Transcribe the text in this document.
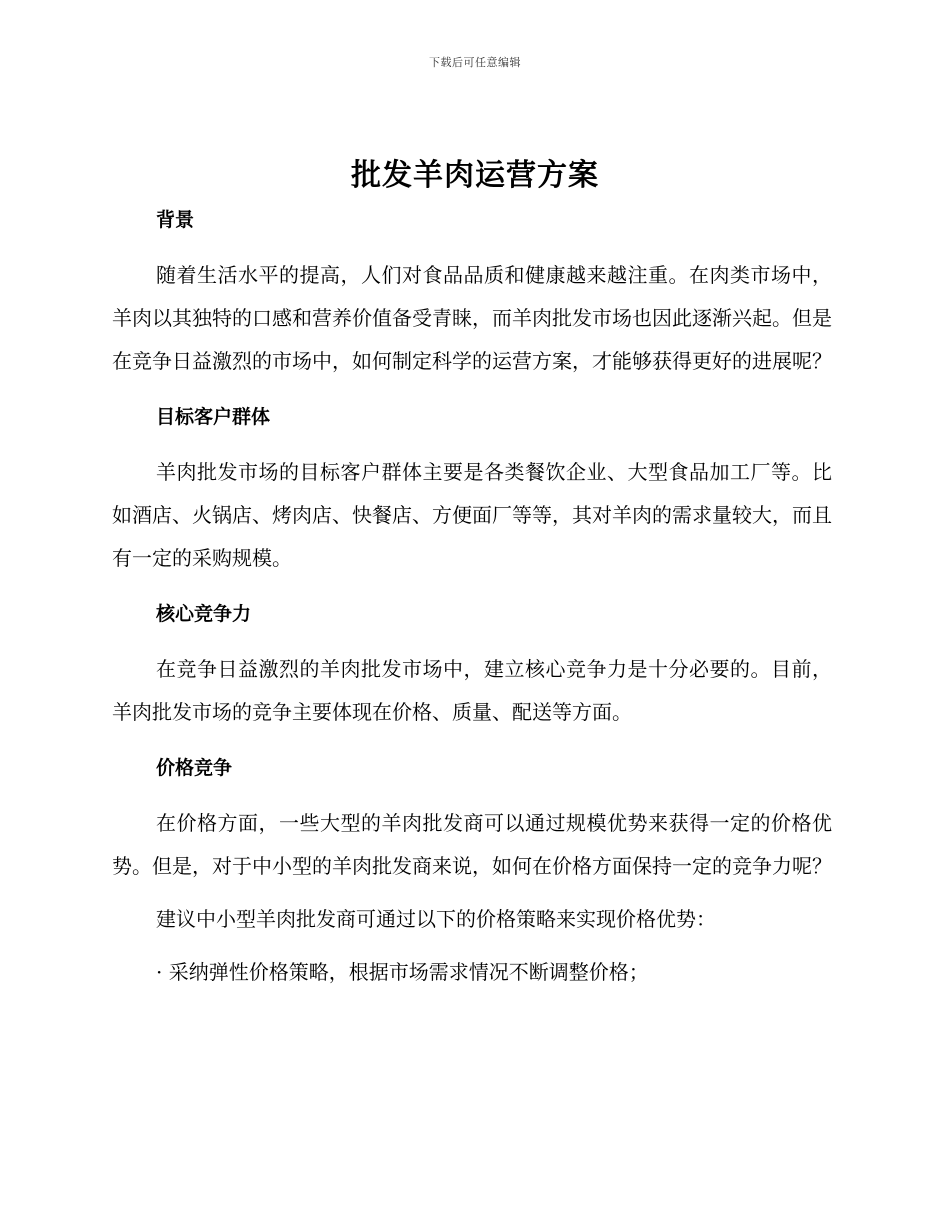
下载后可任意编辑
批发羊肉运营方案
背景

随着生活水平的提高，人们对食品品质和健康越来越注重。在肉类市场中，羊肉以其独特的口感和营养价值备受青睐，而羊肉批发市场也因此逐渐兴起。但是在竞争日益激烈的市场中，如何制定科学的运营方案，才能够获得更好的进展呢？

目标客户群体

羊肉批发市场的目标客户群体主要是各类餐饮企业、大型食品加工厂等。比如酒店、火锅店、烤肉店、快餐店、方便面厂等等，其对羊肉的需求量较大，而且有一定的采购规模。

核心竞争力

在竞争日益激烈的羊肉批发市场中，建立核心竞争力是十分必要的。目前，羊肉批发市场的竞争主要体现在价格、质量、配送等方面。

价格竞争

在价格方面，一些大型的羊肉批发商可以通过规模优势来获得一定的价格优势。但是，对于中小型的羊肉批发商来说，如何在价格方面保持一定的竞争力呢？

建议中小型羊肉批发商可通过以下的价格策略来实现价格优势：

· 采纳弹性价格策略，根据市场需求情况不断调整价格；
